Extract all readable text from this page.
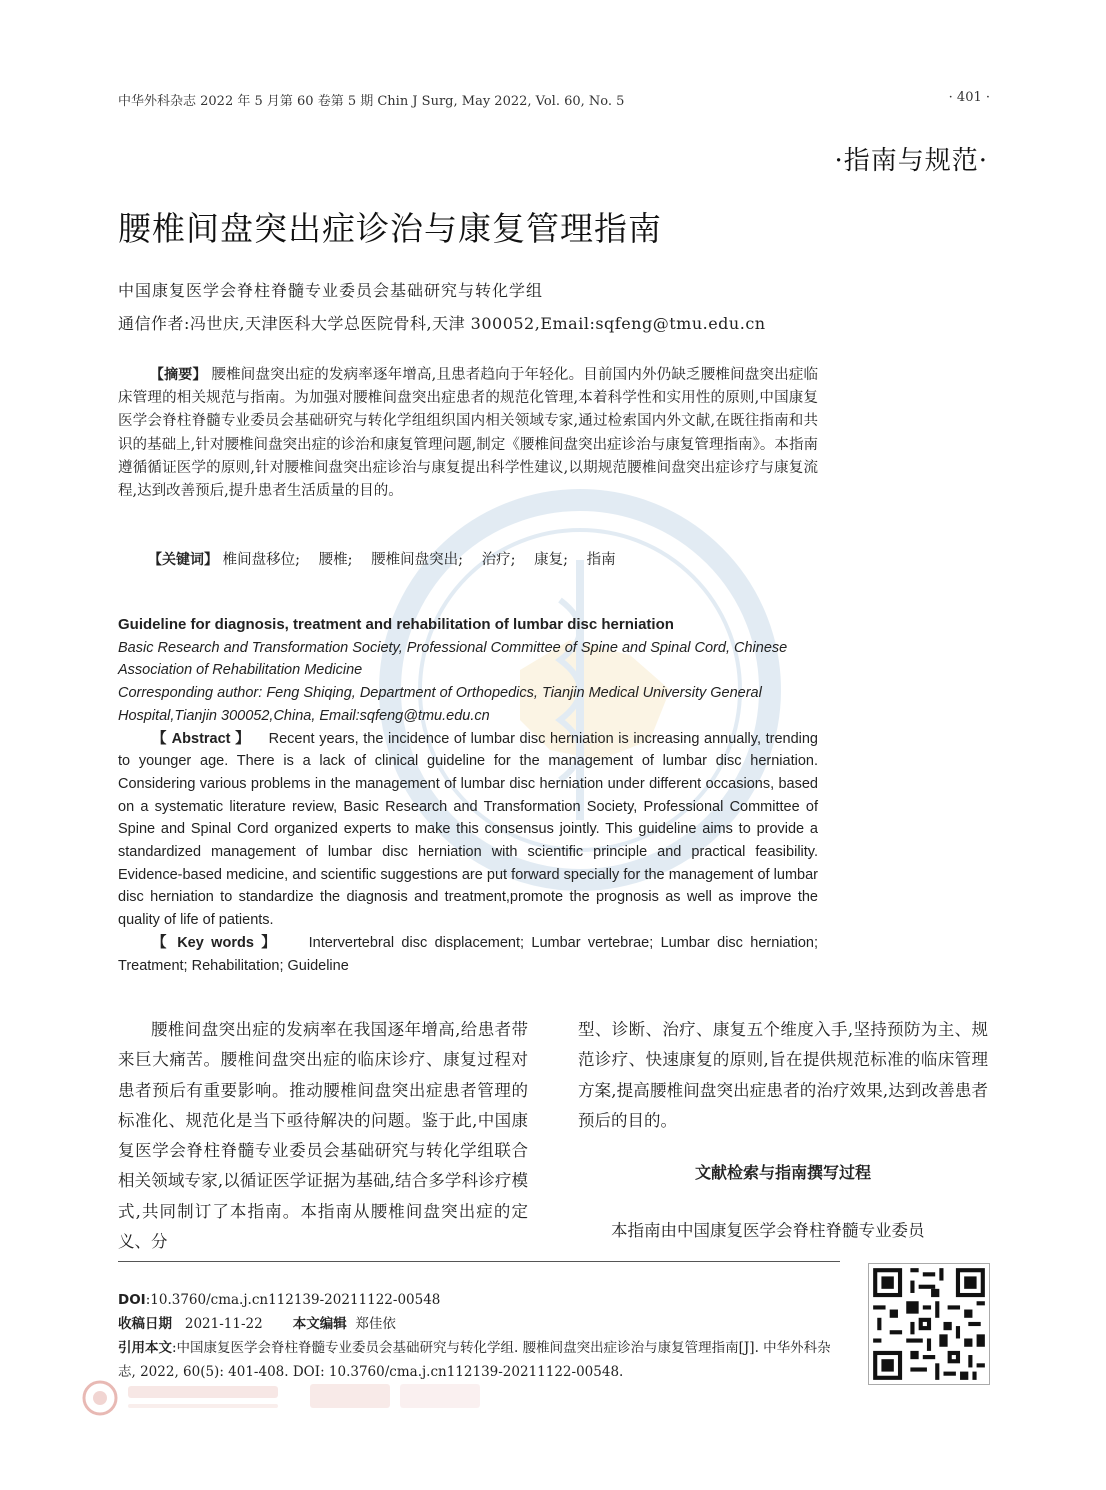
中华外科杂志 2022 年 5 月第 60 卷第 5 期 Chin J Surg, May 2022, Vol. 60, No. 5	· 401 ·
·指南与规范·
腰椎间盘突出症诊治与康复管理指南
中国康复医学会脊柱脊髓专业委员会基础研究与转化学组
通信作者:冯世庆,天津医科大学总医院骨科,天津 300052,Email:sqfeng@tmu.edu.cn

【摘要】 腰椎间盘突出症的发病率逐年增高,且患者趋向于年轻化。目前国内外仍缺乏腰椎间盘突出症临床管理的相关规范与指南。为加强对腰椎间盘突出症患者的规范化管理,本着科学性和实用性的原则,中国康复医学会脊柱脊髓专业委员会基础研究与转化学组组织国内相关领域专家,通过检索国内外文献,在既往指南和共识的基础上,针对腰椎间盘突出症的诊治和康复管理问题,制定《腰椎间盘突出症诊治与康复管理指南》。本指南遵循循证医学的原则,针对腰椎间盘突出症诊治与康复提出科学性建议,以期规范腰椎间盘突出症诊疗与康复流程,达到改善预后,提升患者生活质量的目的。

【关键词】 椎间盘移位; 腰椎; 腰椎间盘突出; 治疗; 康复; 指南
Guideline for diagnosis, treatment and rehabilitation of lumbar disc herniation
Basic Research and Transformation Society, Professional Committee of Spine and Spinal Cord, Chinese Association of Rehabilitation Medicine
Corresponding author: Feng Shiqing, Department of Orthopedics, Tianjin Medical University General Hospital,Tianjin 300052,China, Email:sqfeng@tmu.edu.cn
【 Abstract 】 Recent years, the incidence of lumbar disc herniation is increasing annually, trending to younger age. There is a lack of clinical guideline for the management of lumbar disc herniation. Considering various problems in the management of lumbar disc herniation under different occasions, based on a systematic literature review, Basic Research and Transformation Society, Professional Committee of Spine and Spinal Cord organized experts to make this consensus jointly. This guideline aims to provide a standardized management of lumbar disc herniation with scientific principle and practical feasibility. Evidence-based medicine, and scientific suggestions are put forward specially for the management of lumbar disc herniation to standardize the diagnosis and treatment,promote the prognosis as well as improve the quality of life of patients.
【 Key words 】 Intervertebral disc displacement; Lumbar vertebrae; Lumbar disc herniation; Treatment; Rehabilitation; Guideline

腰椎间盘突出症的发病率在我国逐年增高,给患者带来巨大痛苦。腰椎间盘突出症的临床诊疗、康复过程对患者预后有重要影响。推动腰椎间盘突出症患者管理的标准化、规范化是当下亟待解决的问题。鉴于此,中国康复医学会脊柱脊髓专业委员会基础研究与转化学组联合相关领域专家,以循证医学证据为基础,结合多学科诊疗模式,共同制订了本指南。本指南从腰椎间盘突出症的定义、分

型、诊断、治疗、康复五个维度入手,坚持预防为主、规范诊疗、快速康复的原则,旨在提供规范标准的临床管理方案,提高腰椎间盘突出症患者的治疗效果,达到改善患者预后的目的。

文献检索与指南撰写过程

本指南由中国康复医学会脊柱脊髓专业委员

DOI:10.3760/cma.j.cn112139-20211122-00548
收稿日期 2021-11-22 本文编辑 郑佳依
引用本文:中国康复医学会脊柱脊髓专业委员会基础研究与转化学组. 腰椎间盘突出症诊治与康复管理指南[J]. 中华外科杂志, 2022, 60(5): 401-408. DOI: 10.3760/cma.j.cn112139-20211122-00548.
